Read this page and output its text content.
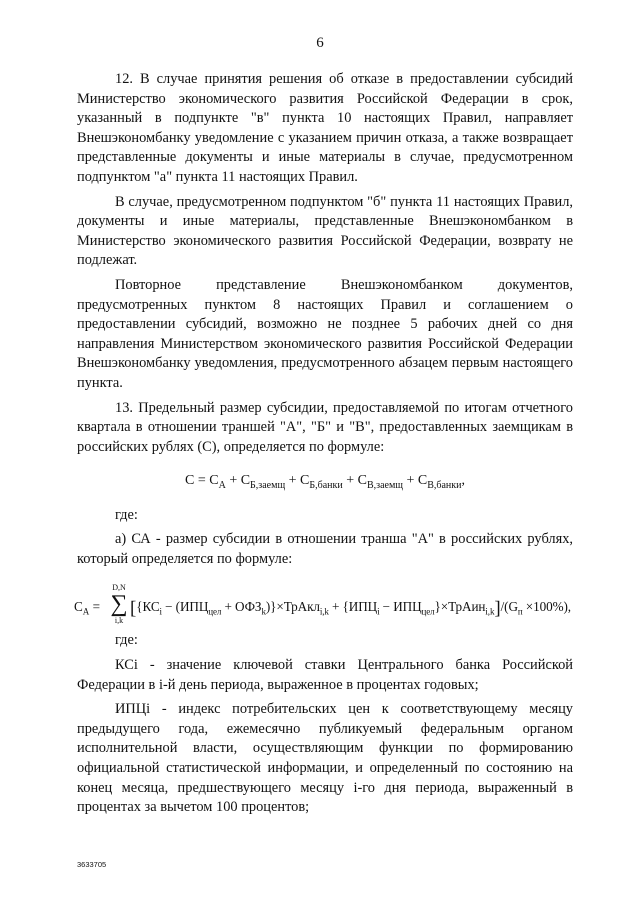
6

12. В случае принятия решения об отказе в предоставлении субсидий Министерство экономического развития Российской Федерации в срок, указанный в подпункте "в" пункта 10 настоящих Правил, направляет Внешэкономбанку уведомление с указанием причин отказа, а также возвращает представленные документы и иные материалы в случае, предусмотренном подпунктом "а" пункта 11 настоящих Правил.

В случае, предусмотренном подпунктом "б" пункта 11 настоящих Правил, документы и иные материалы, представленные Внешэкономбанком в Министерство экономического развития Российской Федерации, возврату не подлежат.

Повторное представление Внешэкономбанком документов, предусмотренных пунктом 8 настоящих Правил и соглашением о предоставлении субсидий, возможно не позднее 5 рабочих дней со дня направления Министерством экономического развития Российской Федерации Внешэкономбанку уведомления, предусмотренного абзацем первым настоящего пункта.

13. Предельный размер субсидии, предоставляемой по итогам отчетного квартала в отношении траншей "А", "Б" и "В", предоставленных заемщикам в российских рублях (С), определяется по формуле:

$С = С_А + С_{Б,заемщ} + С_{Б,банки} + С_{В,заемщ} + С_{В,банки}$,

где:

а) СА - размер субсидии в отношении транша "А" в российских рублях, который определяется по формуле:

$С_А$ =
D,N
∑
i,k
[{$КС_i - (ИПЦ_{цел}$ + $ОФЗ_k)\}\times ТрАкл_{i,k} + \{ИПЦ_i$ − $ИПЦ_{цел}\}\times ТрАин_{i,k}]/(G_п \times 100\%)$,

где:

КСi - значение ключевой ставки Центрального банка Российской Федерации в i-й день периода, выраженное в процентах годовых;

ИПЦi - индекс потребительских цен к соответствующему месяцу предыдущего года, ежемесячно публикуемый федеральным органом исполнительной власти, осуществляющим функции по формированию официальной статистической информации, и определенный по состоянию на конец месяца, предшествующего месяцу i-го дня периода, выраженный в процентах за вычетом 100 процентов;

3633705
